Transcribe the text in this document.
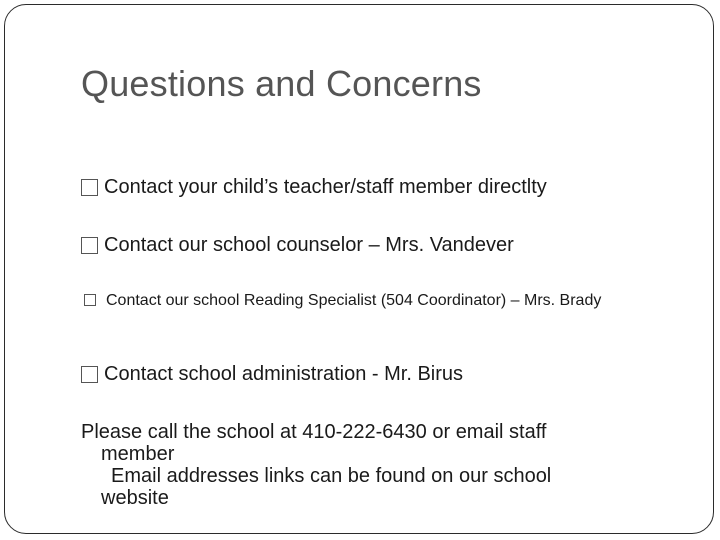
Questions and Concerns
Contact your child’s teacher/staff member directlty
Contact our school counselor – Mrs. Vandever
Contact our school Reading Specialist (504 Coordinator) – Mrs. Brady
Contact school administration - Mr. Birus
Please call the school at 410-222-6430 or email staff
member
Email addresses links can be found on our school
website
